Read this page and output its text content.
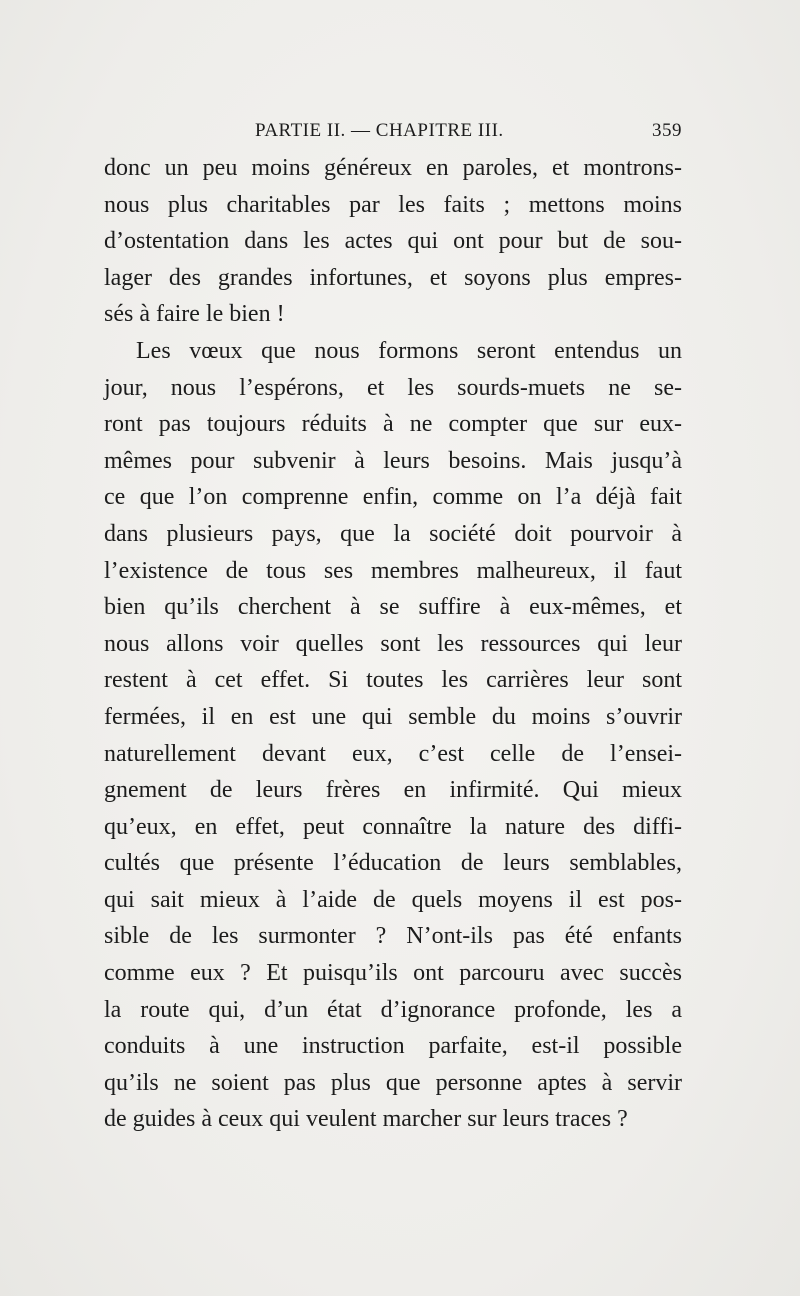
PARTIE II. — CHAPITRE III.	359
donc un peu moins généreux en paroles, et montrons-
nous plus charitables par les faits ; mettons moins
d’ostentation dans les actes qui ont pour but de sou-
lager des grandes infortunes, et soyons plus empres-
sés à faire le bien !
Les vœux que nous formons seront entendus un
jour, nous l’espérons, et les sourds-muets ne se-
ront pas toujours réduits à ne compter que sur eux-
mêmes pour subvenir à leurs besoins. Mais jusqu’à
ce que l’on comprenne enfin, comme on l’a déjà fait
dans plusieurs pays, que la société doit pourvoir à
l’existence de tous ses membres malheureux, il faut
bien qu’ils cherchent à se suffire à eux-mêmes, et
nous allons voir quelles sont les ressources qui leur
restent à cet effet. Si toutes les carrières leur sont
fermées, il en est une qui semble du moins s’ouvrir
naturellement devant eux, c’est celle de l’ensei-
gnement de leurs frères en infirmité. Qui mieux
qu’eux, en effet, peut connaître la nature des diffi-
cultés que présente l’éducation de leurs semblables,
qui sait mieux à l’aide de quels moyens il est pos-
sible de les surmonter ? N’ont-ils pas été enfants
comme eux ? Et puisqu’ils ont parcouru avec succès
la route qui, d’un état d’ignorance profonde, les a
conduits à une instruction parfaite, est-il possible
qu’ils ne soient pas plus que personne aptes à servir
de guides à ceux qui veulent marcher sur leurs traces ?
